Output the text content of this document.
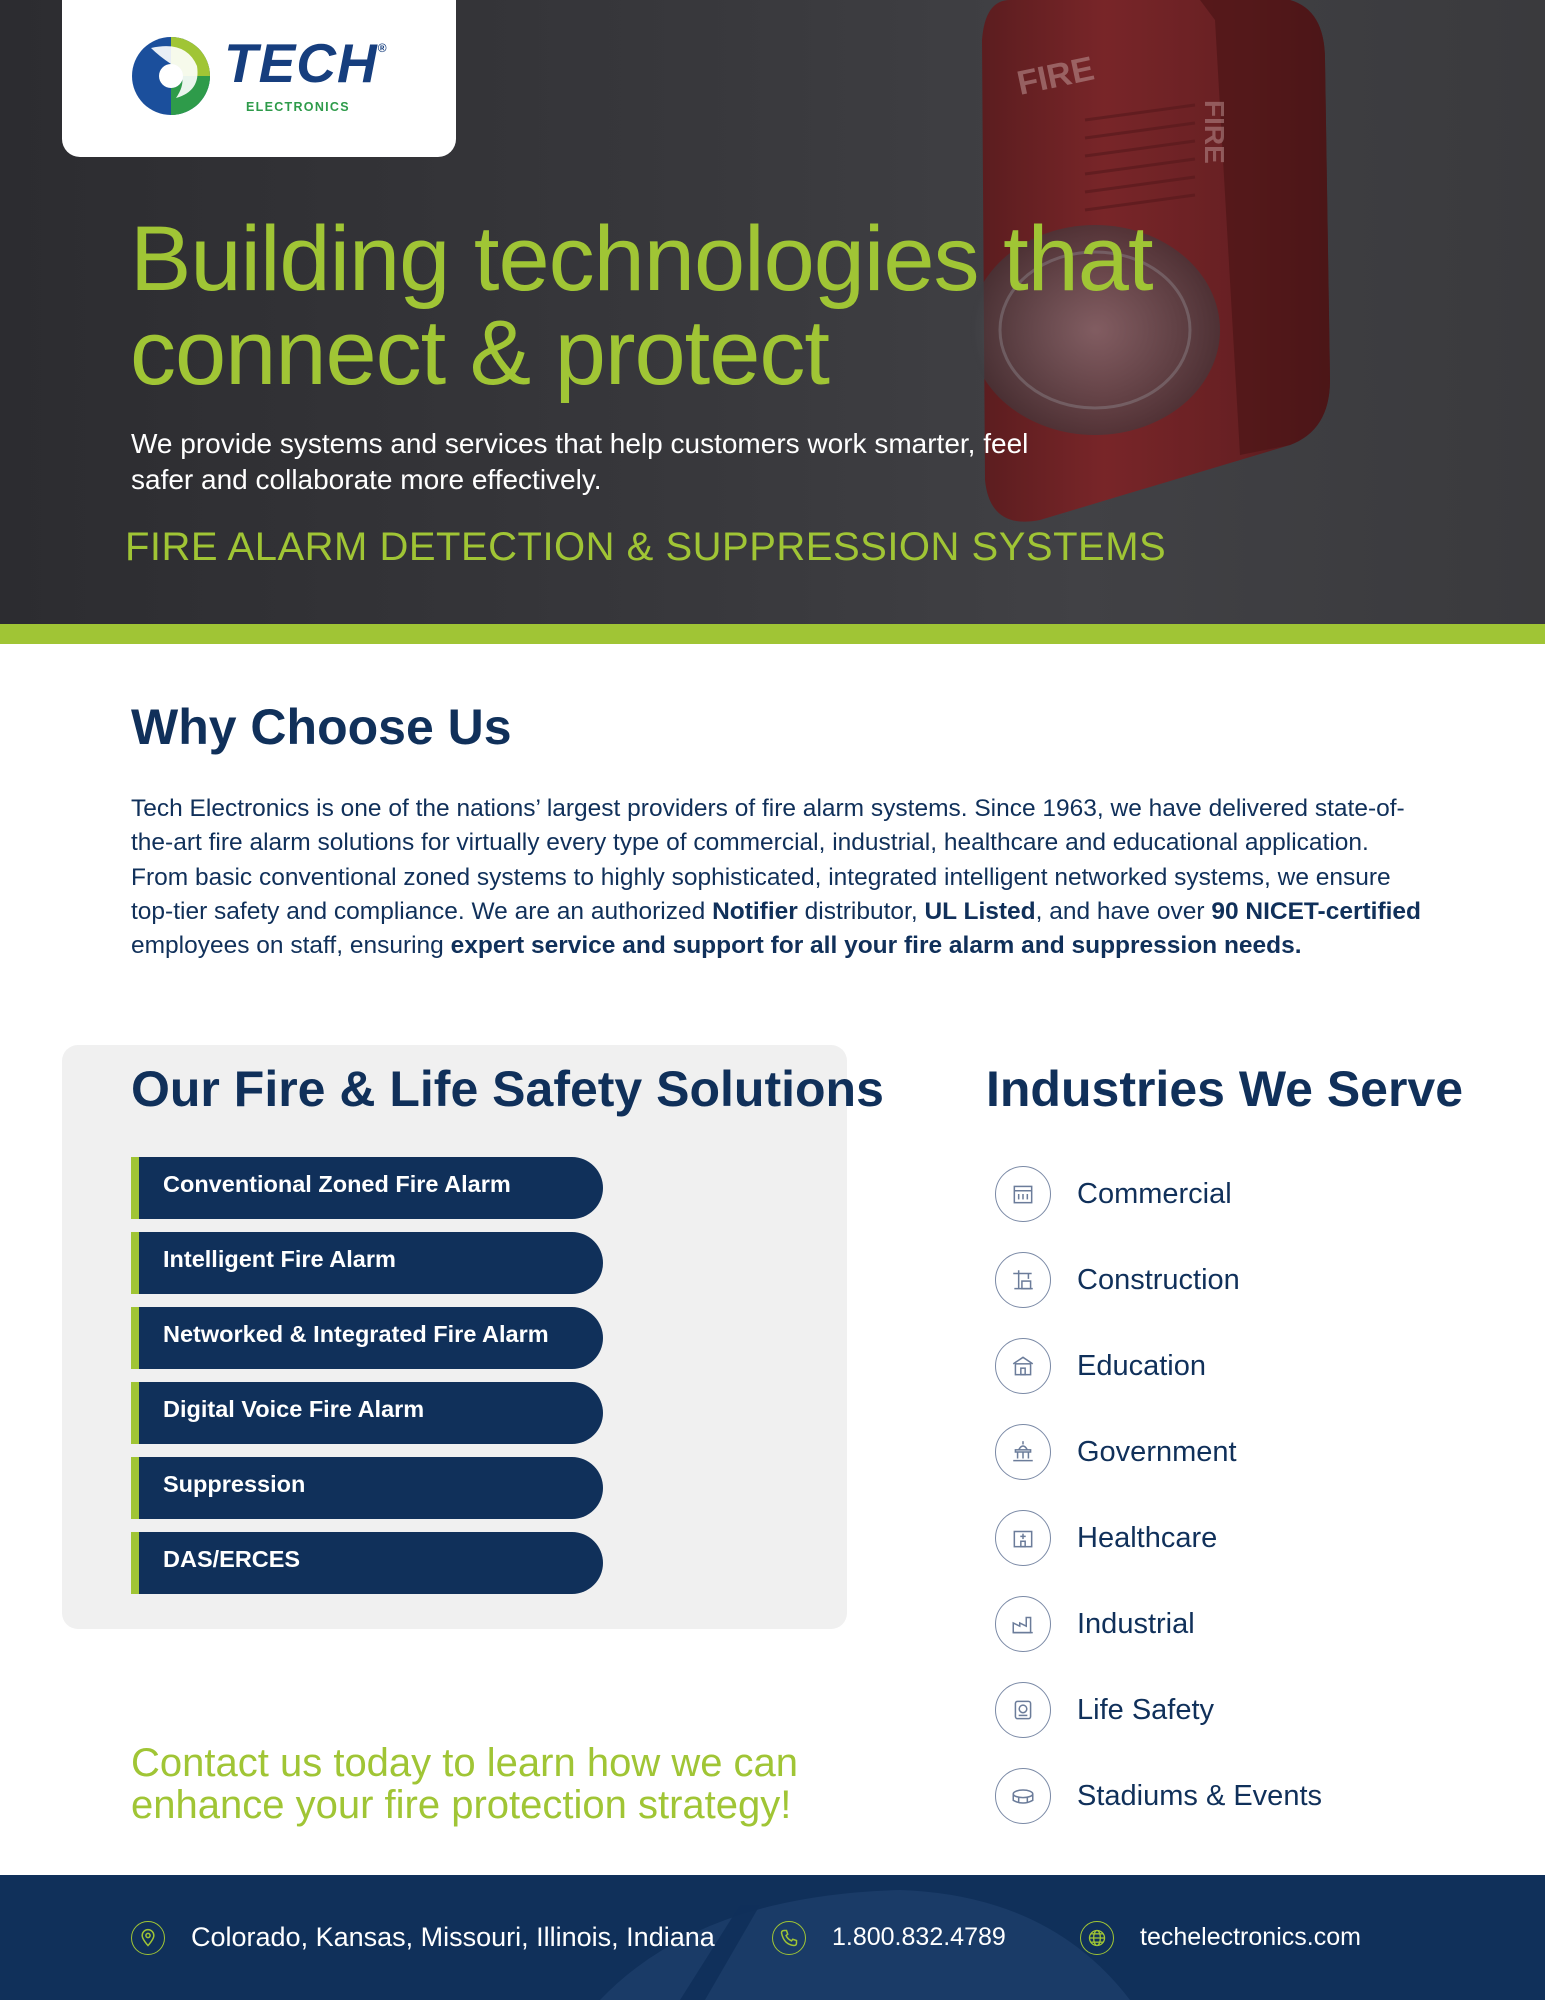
FIRE
FIRE
TECH®
ELECTRONICS
Building technologies that
connect & protect

We provide systems and services that help customers work smarter, feel
safer and collaborate more effectively.

FIRE ALARM DETECTION & SUPPRESSION SYSTEMS
Why Choose Us

Tech Electronics is one of the nations’ largest providers of fire alarm systems. Since 1963, we have delivered state-of-the-art fire alarm solutions for virtually every type of commercial, industrial, healthcare and educational application. From basic conventional zoned systems to highly sophisticated, integrated intelligent networked systems, we ensure top-tier safety and compliance. We are an authorized Notifier distributor, UL Listed, and have over 90 NICET-certified employees on staff, ensuring expert service and support for all your fire alarm and suppression needs.

Our Fire & Life Safety Solutions
Conventional Zoned Fire Alarm
Intelligent Fire Alarm
Networked & Integrated Fire Alarm
Digital Voice Fire Alarm
Suppression
DAS/ERCES

Contact us today to learn how we can
enhance your fire protection strategy!

Industries We Serve
Commercial
Construction
Education
Government
Healthcare
Industrial
Life Safety
Stadiums & Events
Colorado, Kansas, Missouri, Illinois, Indiana	1.800.832.4789	techelectronics.com
